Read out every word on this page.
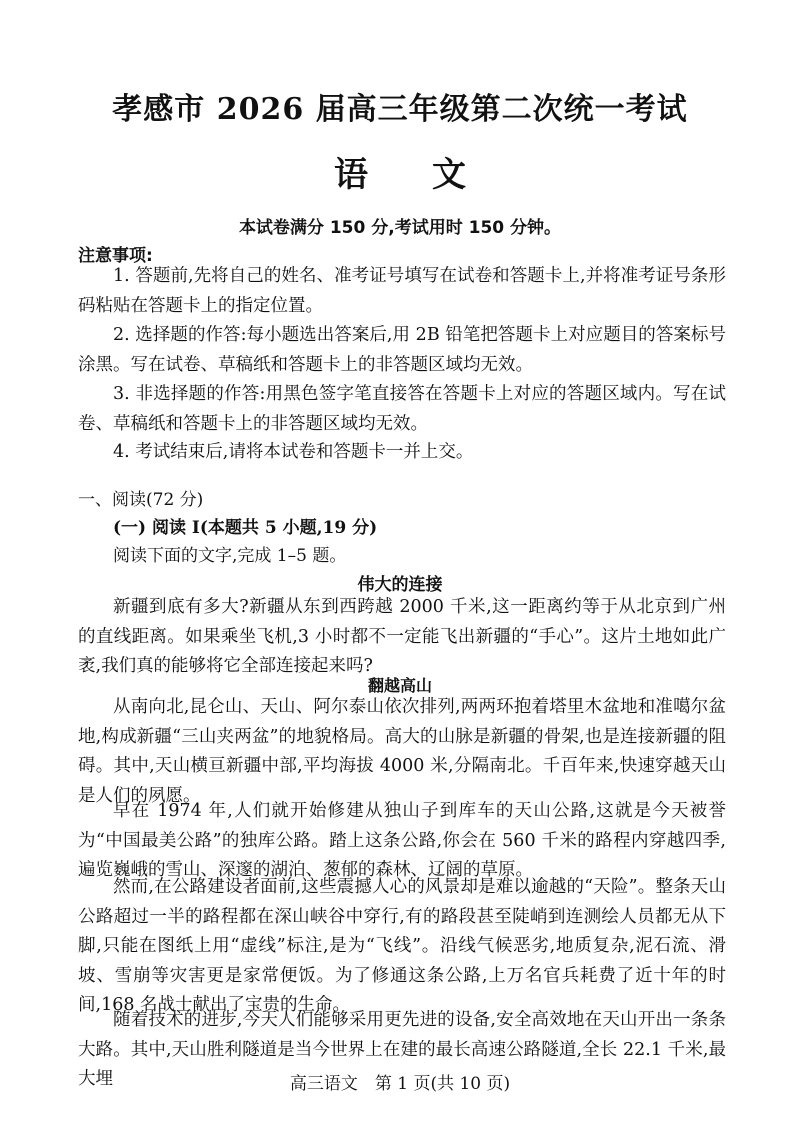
孝感市 2026 届高三年级第二次统一考试
语文
本试卷满分 150 分,考试用时 150 分钟。
注意事项:

1. 答题前,先将自己的姓名、准考证号填写在试卷和答题卡上,并将准考证号条形码粘贴在答题卡上的指定位置。

2. 选择题的作答:每小题选出答案后,用 2B 铅笔把答题卡上对应题目的答案标号涂黑。写在试卷、草稿纸和答题卡上的非答题区域均无效。

3. 非选择题的作答:用黑色签字笔直接答在答题卡上对应的答题区域内。写在试卷、草稿纸和答题卡上的非答题区域均无效。

4. 考试结束后,请将本试卷和答题卡一并上交。

一、阅读(72 分)
(一) 阅读 I(本题共 5 小题,19 分)
阅读下面的文字,完成 1–5 题。
伟大的连接

新疆到底有多大?新疆从东到西跨越 2000 千米,这一距离约等于从北京到广州的直线距离。如果乘坐飞机,3 小时都不一定能飞出新疆的“手心”。这片土地如此广袤,我们真的能够将它全部连接起来吗?

翻越高山

从南向北,昆仑山、天山、阿尔泰山依次排列,两两环抱着塔里木盆地和准噶尔盆地,构成新疆“三山夹两盆”的地貌格局。高大的山脉是新疆的骨架,也是连接新疆的阻碍。其中,天山横亘新疆中部,平均海拔 4000 米,分隔南北。千百年来,快速穿越天山是人们的夙愿。

早在 1974 年,人们就开始修建从独山子到库车的天山公路,这就是今天被誉为“中国最美公路”的独库公路。踏上这条公路,你会在 560 千米的路程内穿越四季,遍览巍峨的雪山、深邃的湖泊、葱郁的森林、辽阔的草原。

然而,在公路建设者面前,这些震撼人心的风景却是难以逾越的“天险”。整条天山公路超过一半的路程都在深山峡谷中穿行,有的路段甚至陡峭到连测绘人员都无从下脚,只能在图纸上用“虚线”标注,是为“飞线”。沿线气候恶劣,地质复杂,泥石流、滑坡、雪崩等灾害更是家常便饭。为了修通这条公路,上万名官兵耗费了近十年的时间,168 名战士献出了宝贵的生命。

随着技术的进步,今天人们能够采用更先进的设备,安全高效地在天山开出一条条大路。其中,天山胜利隧道是当今世界上在建的最长高速公路隧道,全长 22.1 千米,最大埋	高三语文　第 1 页(共 10 页)
